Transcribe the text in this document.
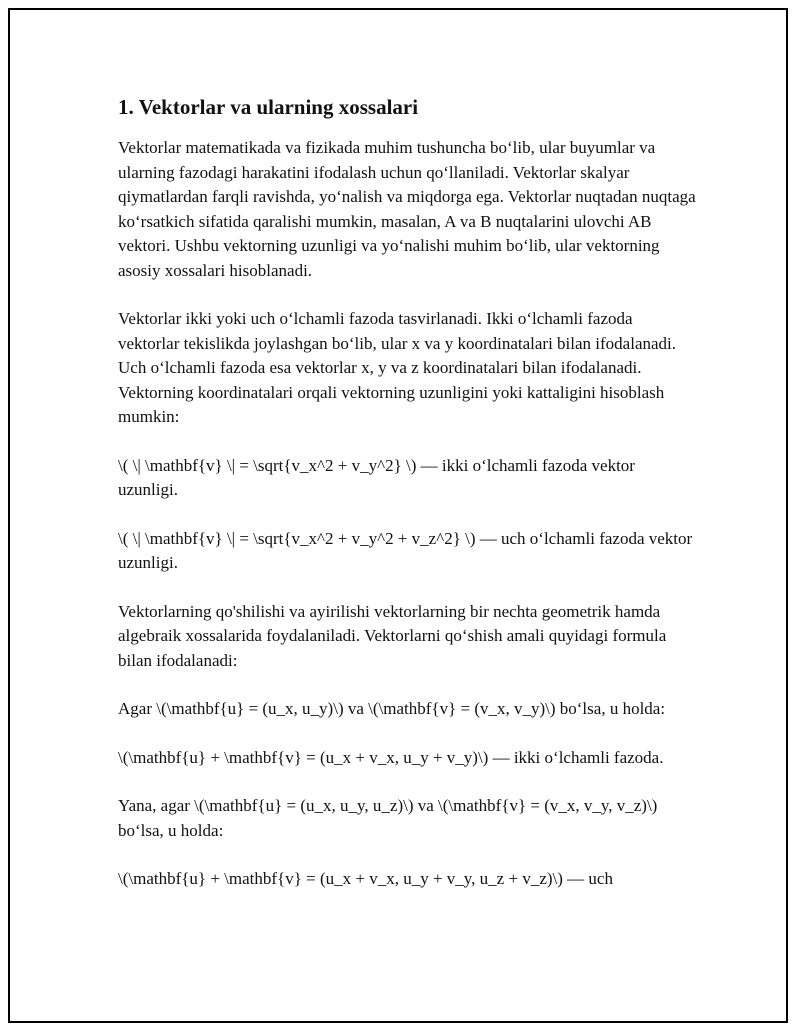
1. Vektorlar va ularning xossalari

Vektorlar matematikada va fizikada muhim tushuncha bo‘lib, ular buyumlar va ularning fazodagi harakatini ifodalash uchun qo‘llaniladi. Vektorlar skalyar qiymatlardan farqli ravishda, yo‘nalish va miqdorga ega. Vektorlar nuqtadan nuqtaga ko‘rsatkich sifatida qaralishi mumkin, masalan, A va B nuqtalarini ulovchi AB vektori. Ushbu vektorning uzunligi va yo‘nalishi muhim bo‘lib, ular vektorning asosiy xossalari hisoblanadi.

Vektorlar ikki yoki uch o‘lchamli fazoda tasvirlanadi. Ikki o‘lchamli fazoda vektorlar tekislikda joylashgan bo‘lib, ular x va y koordinatalari bilan ifodalanadi. Uch o‘lchamli fazoda esa vektorlar x, y va z koordinatalari bilan ifodalanadi. Vektorning koordinatalari orqali vektorning uzunligini yoki kattaligini hisoblash mumkin:

\( \| \mathbf{v} \| = \sqrt{v_x^2 + v_y^2} \) — ikki o‘lchamli fazoda vektor uzunligi.

\( \| \mathbf{v} \| = \sqrt{v_x^2 + v_y^2 + v_z^2} \) — uch o‘lchamli fazoda vektor uzunligi.

Vektorlarning qo'shilishi va ayirilishi vektorlarning bir nechta geometrik hamda algebraik xossalarida foydalaniladi. Vektorlarni qo‘shish amali quyidagi formula bilan ifodalanadi:

Agar \(\mathbf{u} = (u_x, u_y)\) va \(\mathbf{v} = (v_x, v_y)\) bo‘lsa, u holda:

\(\mathbf{u} + \mathbf{v} = (u_x + v_x, u_y + v_y)\) — ikki o‘lchamli fazoda.

Yana, agar \(\mathbf{u} = (u_x, u_y, u_z)\) va \(\mathbf{v} = (v_x, v_y, v_z)\) bo‘lsa, u holda:

\(\mathbf{u} + \mathbf{v} = (u_x + v_x, u_y + v_y, u_z + v_z)\) — uch
